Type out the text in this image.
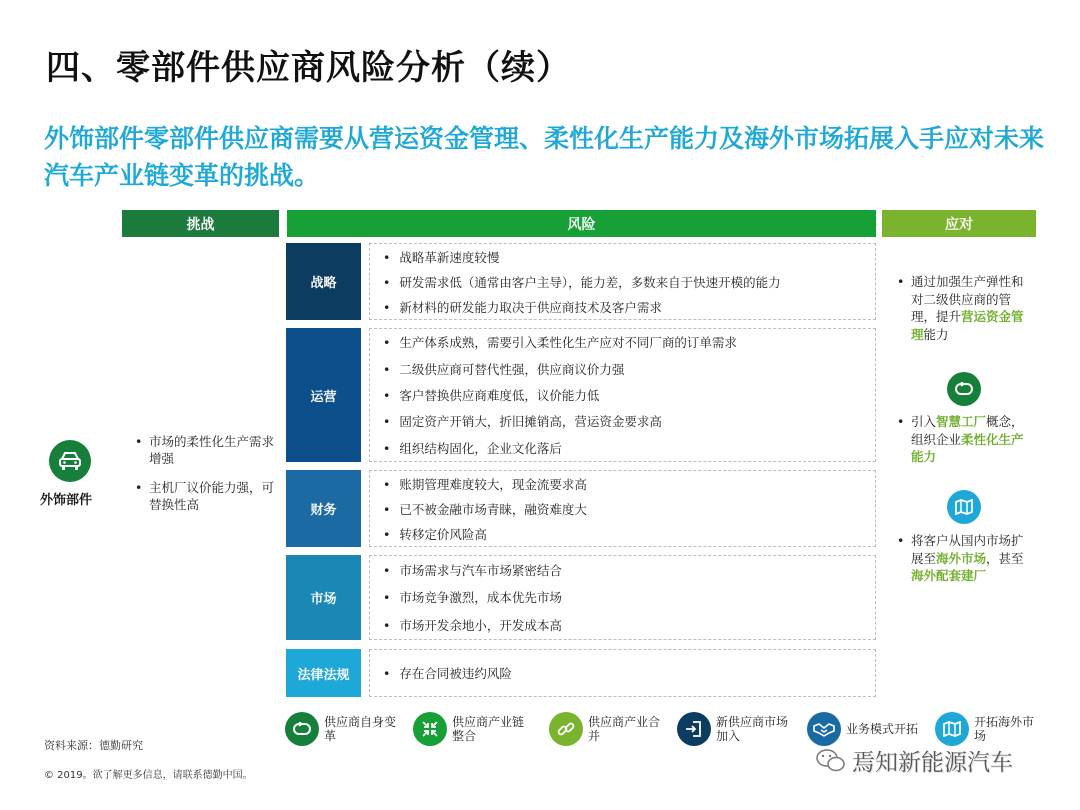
四、零部件供应商风险分析（续）
外饰部件零部件供应商需要从营运资金管理、柔性化生产能力及海外市场拓展入手应对未来汽车产业链变革的挑战。
挑战	风险	应对
外饰部件
• 市场的柔性化生产需求增强
• 主机厂议价能力强，可替换性高
战略
• 战略革新速度较慢
• 研发需求低（通常由客户主导），能力差，多数来自于快速开模的能力
• 新材料的研发能力取决于供应商技术及客户需求
运营
• 生产体系成熟，需要引入柔性化生产应对不同厂商的订单需求
• 二级供应商可替代性强，供应商议价力强
• 客户替换供应商难度低，议价能力低
• 固定资产开销大，折旧摊销高，营运资金要求高
• 组织结构固化，企业文化落后
财务
• 账期管理难度较大，现金流要求高
• 已不被金融市场青睐，融资难度大
• 转移定价风险高
市场
• 市场需求与汽车市场紧密结合
• 市场竞争激烈，成本优先市场
• 市场开发余地小，开发成本高
法律法规
•	存在合同被违约风险
• 通过加强生产弹性和对二级供应商的管理，提升营运资金管理能力
• 引入智慧工厂概念，组织企业柔性化生产能力
• 将客户从国内市场扩展至海外市场，甚至海外配套建厂
供应商自身变革
供应商产业链整合
供应商产业合并
新供应商市场加入	业务模式开拓	开拓海外市场
资料来源：德勤研究
© 2019。欲了解更多信息，请联系德勤中国。	焉知新能源汽车
